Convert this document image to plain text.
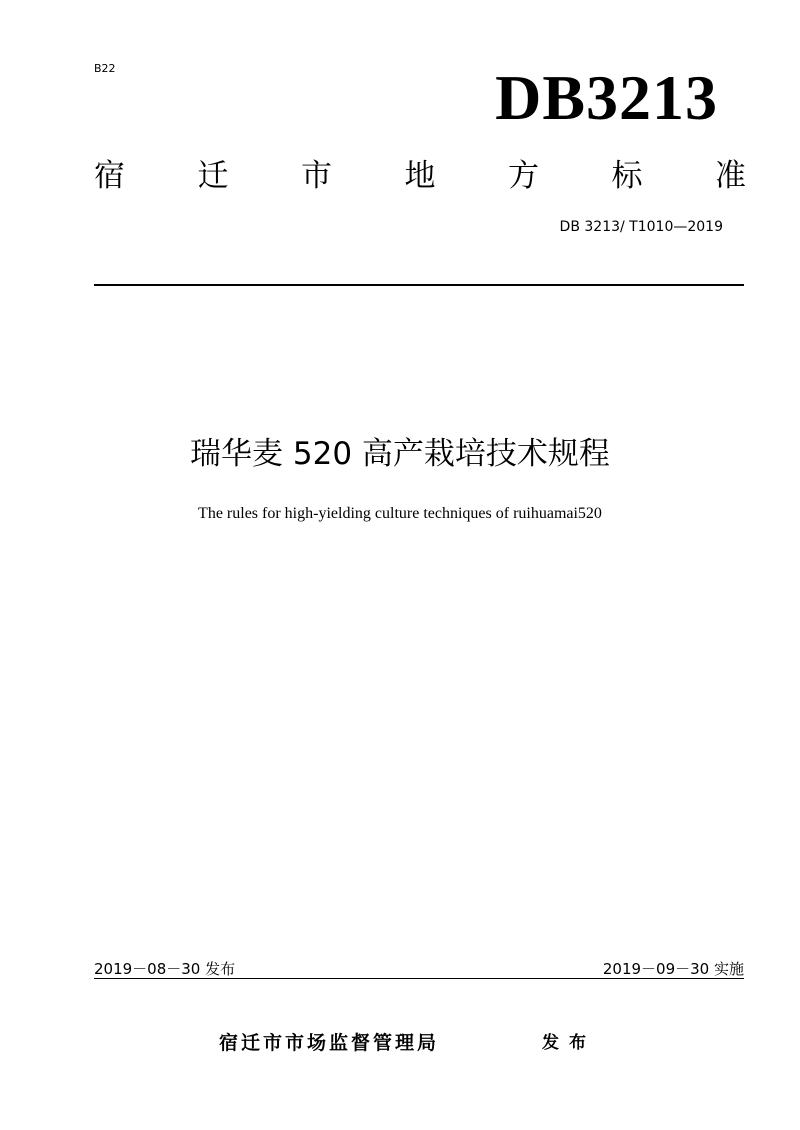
B22	DB3213
宿 迁 市 地 方 标 准
DB 3213/ T1010—2019
瑞华麦 520 高产栽培技术规程
The rules for high-yielding culture techniques of ruihuamai520
2019－08－30 发布	2019－09－30 实施
宿迁市市场监督管理局	发布
